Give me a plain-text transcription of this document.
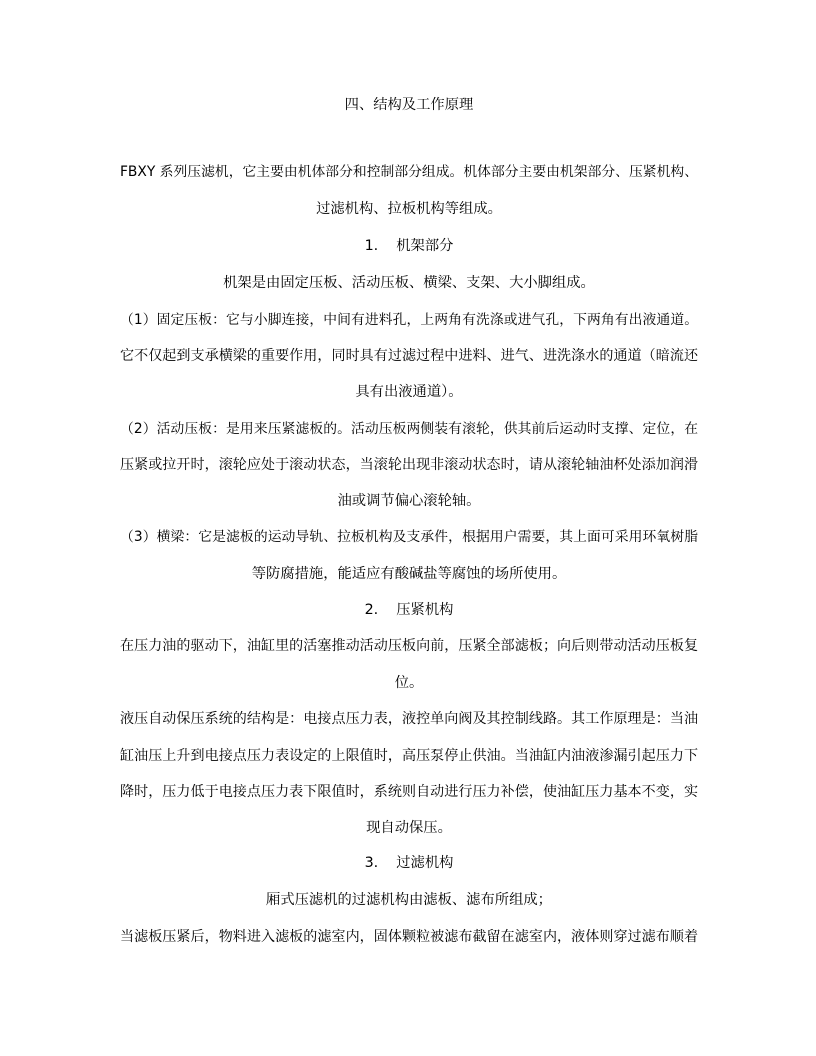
四、结构及工作原理
FBXY 系列压滤机，它主要由机体部分和控制部分组成。机体部分主要由机架部分、压紧机构、
过滤机构、拉板机构等组成。
1. 机架部分
机架是由固定压板、活动压板、横梁、支架、大小脚组成。
（1）固定压板：它与小脚连接，中间有进料孔，上两角有洗涤或进气孔，下两角有出液通道。
它不仅起到支承横梁的重要作用，同时具有过滤过程中进料、进气、进洗涤水的通道（暗流还
具有出液通道）。
（2）活动压板：是用来压紧滤板的。活动压板两侧装有滚轮，供其前后运动时支撑、定位，在
压紧或拉开时，滚轮应处于滚动状态，当滚轮出现非滚动状态时，请从滚轮轴油杯处添加润滑
油或调节偏心滚轮轴。
（3）横梁：它是滤板的运动导轨、拉板机构及支承件，根据用户需要，其上面可采用环氧树脂
等防腐措施，能适应有酸碱盐等腐蚀的场所使用。
2. 压紧机构
在压力油的驱动下，油缸里的活塞推动活动压板向前，压紧全部滤板；向后则带动活动压板复
位。
液压自动保压系统的结构是：电接点压力表，液控单向阀及其控制线路。其工作原理是：当油
缸油压上升到电接点压力表设定的上限值时，高压泵停止供油。当油缸内油液渗漏引起压力下
降时，压力低于电接点压力表下限值时，系统则自动进行压力补偿，使油缸压力基本不变，实
现自动保压。
3. 过滤机构
厢式压滤机的过滤机构由滤板、滤布所组成；
当滤板压紧后，物料进入滤板的滤室内，固体颗粒被滤布截留在滤室内，液体则穿过滤布顺着
